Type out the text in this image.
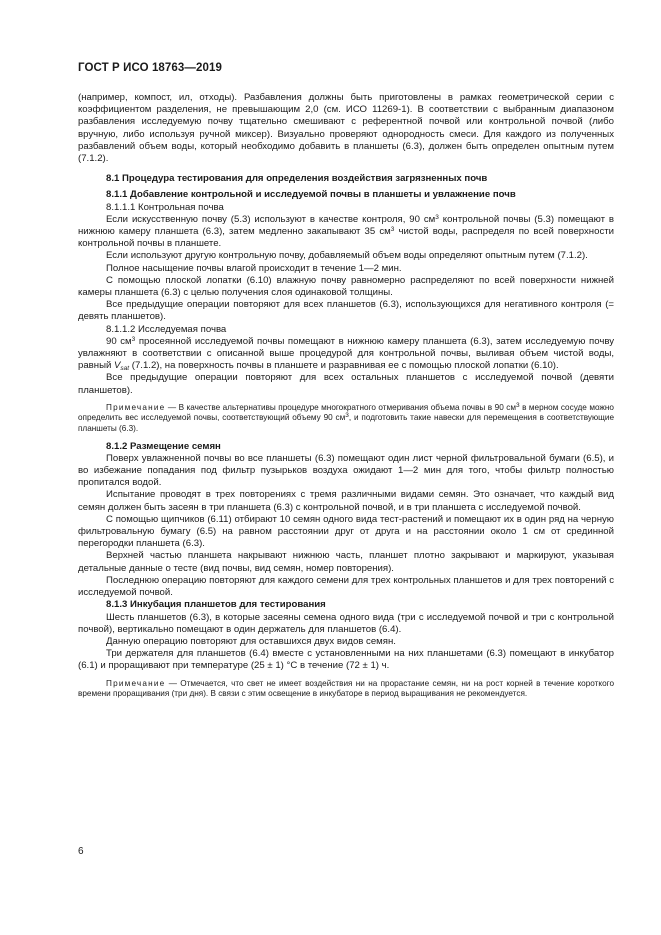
ГОСТ Р ИСО 18763—2019

(например, компост, ил, отходы). Разбавления должны быть приготовлены в рамках геометрической серии с коэффициентом разделения, не превышающим 2,0 (см. ИСО 11269-1). В соответствии с выбранным диапазоном разбавления исследуемую почву тщательно смешивают с референтной почвой или контрольной почвой (либо вручную, либо используя ручной миксер). Визуально проверяют однородность смеси. Для каждого из полученных разбавлений объем воды, который необходимо добавить в планшеты (6.3), должен быть определен опытным путем (7.1.2).

8.1 Процедура тестирования для определения воздействия загрязненных почв

8.1.1 Добавление контрольной и исследуемой почвы в планшеты и увлажнение почв

8.1.1.1 Контрольная почва

Если искусственную почву (5.3) используют в качестве контроля, 90 $см^3$ контрольной почвы (5.3) помещают в нижнюю камеру планшета (6.3), затем медленно закапывают 35 $см^3$ чистой воды, распределя по всей поверхности контрольной почвы в планшете.

Если используют другую контрольную почву, добавляемый объем воды определяют опытным путем (7.1.2).

Полное насыщение почвы влагой происходит в течение 1—2 мин.

С помощью плоской лопатки (6.10) влажную почву равномерно распределяют по всей поверхности нижней камеры планшета (6.3) с целью получения слоя одинаковой толщины.

Все предыдущие операции повторяют для всех планшетов (6.3), использующихся для негативного контроля (= девять планшетов).

8.1.1.2 Исследуемая почва

90 $см^3$ просеянной исследуемой почвы помещают в нижнюю камеру планшета (6.3), затем исследуемую почву увлажняют в соответствии с описанной выше процедурой для контрольной почвы, выливая объем чистой воды, равный $V_{sat}$ (7.1.2), на поверхность почвы в планшете и разравнивая ее с помощью плоской лопатки (6.10).

Все предыдущие операции повторяют для всех остальных планшетов с исследуемой почвой (девяти планшетов).

Примечание — В качестве альтернативы процедуре многократного отмеривания объема почвы в 90 $см^3$ в мерном сосуде можно определить вес исследуемой почвы, соответствующий объему 90 $см^3$, и подготовить такие навески для перемещения в соответствующие планшеты (6.3).

8.1.2 Размещение семян

Поверх увлажненной почвы во все планшеты (6.3) помещают один лист черной фильтровальной бумаги (6.5), и во избежание попадания под фильтр пузырьков воздуха ожидают 1—2 мин для того, чтобы фильтр полностью пропитался водой.

Испытание проводят в трех повторениях с тремя различными видами семян. Это означает, что каждый вид семян должен быть засеян в три планшета (6.3) с контрольной почвой, и в три планшета с исследуемой почвой.

С помощью щипчиков (6.11) отбирают 10 семян одного вида тест-растений и помещают их в один ряд на черную фильтровальную бумагу (6.5) на равном расстоянии друг от друга и на расстоянии около 1 см от срединной перегородки планшета (6.3).

Верхней частью планшета накрывают нижнюю часть, планшет плотно закрывают и маркируют, указывая детальные данные о тесте (вид почвы, вид семян, номер повторения).

Последнюю операцию повторяют для каждого семени для трех контрольных планшетов и для трех повторений с исследуемой почвой.

8.1.3 Инкубация планшетов для тестирования

Шесть планшетов (6.3), в которые засеяны семена одного вида (три с исследуемой почвой и три с контрольной почвой), вертикально помещают в один держатель для планшетов (6.4).

Данную операцию повторяют для оставшихся двух видов семян.

Три держателя для планшетов (6.4) вместе с установленными на них планшетами (6.3) помещают в инкубатор (6.1) и проращивают при температуре (25 ± 1) °С в течение (72 ± 1) ч.

Примечание — Отмечается, что свет не имеет воздействия ни на прорастание семян, ни на рост корней в течение короткого времени проращивания (три дня). В связи с этим освещение в инкубаторе в период выращивания не рекомендуется.

6
